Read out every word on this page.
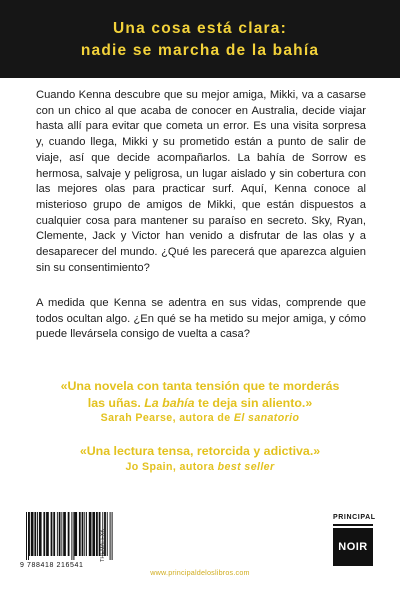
Una cosa está clara:
nadie se marcha de la bahía

Cuando Kenna descubre que su mejor amiga, Mikki, va a casarse con un chico al que acaba de conocer en Australia, decide viajar hasta allí para evitar que cometa un error. Es una visita sorpresa y, cuando llega, Mikki y su prometido están a punto de salir de viaje, así que decide acompañarlos. La bahía de Sorrow es hermosa, salvaje y peligrosa, un lugar aislado y sin cobertura con las mejores olas para practicar surf. Aquí, Kenna conoce al misterioso grupo de amigos de Mikki, que están dispuestos a cualquier cosa para mantener su paraíso en secreto. Sky, Ryan, Clemente, Jack y Victor han venido a disfrutar de las olas y a desaparecer del mundo. ¿Qué les parecerá que aparezca alguien sin su consentimiento?

A medida que Kenna se adentra en sus vidas, comprende que todos ocultan algo. ¿En qué se ha metido su mejor amiga, y cómo puede llevársela consigo de vuelta a casa?

«Una novela con tanta tensión que te morderás
las uñas. La bahía te deja sin aliento.»
Sarah Pearse, autora de El sanatorio
«Una lectura tensa, retorcida y adictiva.»
Jo Spain, autora best seller
9 788418 216541
THEMA: FXK
www.principaldeloslibros.com
PRINCIPAL
NOIR
